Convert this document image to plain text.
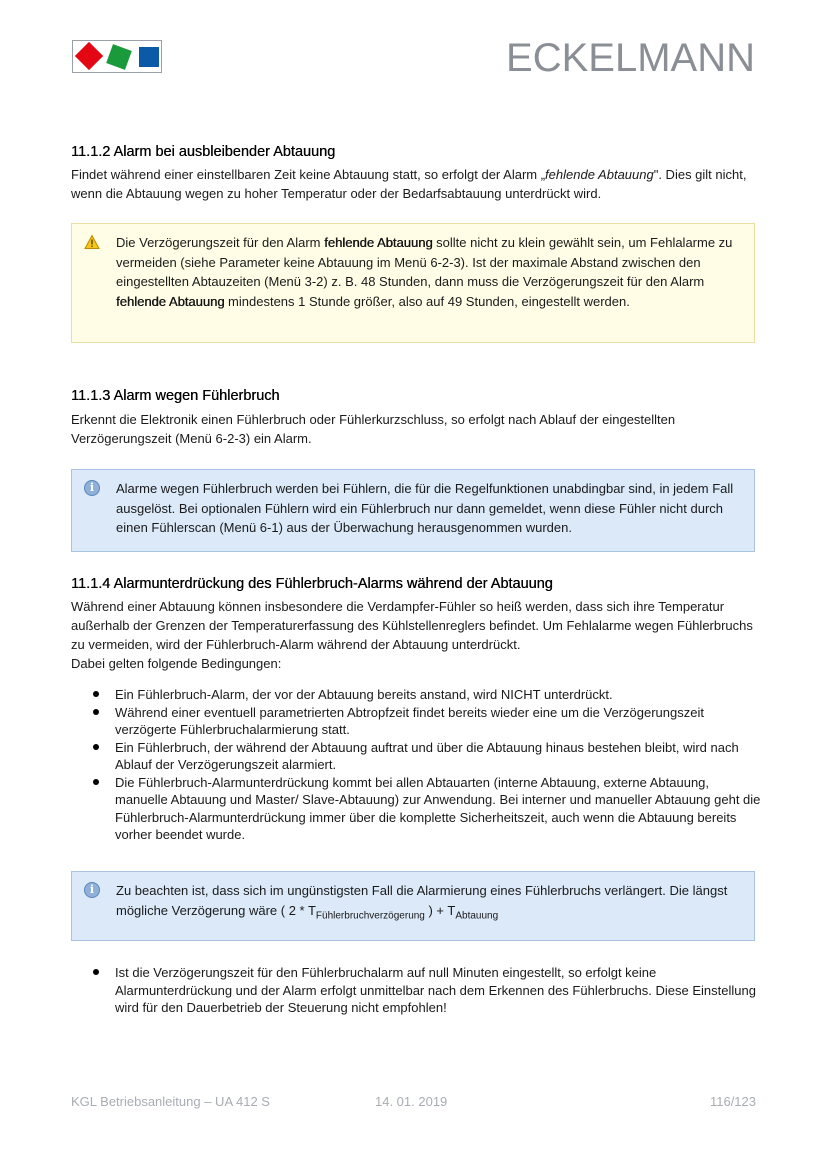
ECKELMANN
11.1.2 Alarm bei ausbleibender Abtauung

Findet während einer einstellbaren Zeit keine Abtauung statt, so erfolgt der Alarm „fehlende Abtauung". Dies gilt nicht, wenn die Abtauung wegen zu hoher Temperatur oder der Bedarfsabtauung unterdrückt wird.

Die Verzögerungszeit für den Alarm fehlende Abtauung sollte nicht zu klein gewählt sein, um Fehlalarme zu vermeiden (siehe Parameter keine Abtauung im Menü 6-2-3). Ist der maximale Abstand zwischen den eingestellten Abtauzeiten (Menü 3-2) z. B. 48 Stunden, dann muss die Verzögerungszeit für den Alarm fehlende Abtauung mindestens 1 Stunde größer, also auf 49 Stunden, eingestellt werden.
11.1.3 Alarm wegen Fühlerbruch

Erkennt die Elektronik einen Fühlerbruch oder Fühlerkurzschluss, so erfolgt nach Ablauf der eingestellten Verzögerungszeit (Menü 6-2-3) ein Alarm.

i	Alarme wegen Fühlerbruch werden bei Fühlern, die für die Regelfunktionen unabdingbar sind, in jedem Fall ausgelöst. Bei optionalen Fühlern wird ein Fühlerbruch nur dann gemeldet, wenn diese Fühler nicht durch einen Fühlerscan (Menü 6-1) aus der Überwachung herausgenommen wurden.
11.1.4 Alarmunterdrückung des Fühlerbruch-Alarms während der Abtauung

Während einer Abtauung können insbesondere die Verdampfer-Fühler so heiß werden, dass sich ihre Temperatur außerhalb der Grenzen der Temperaturerfassung des Kühlstellenreglers befindet. Um Fehlalarme wegen Fühlerbruchs zu vermeiden, wird der Fühlerbruch-Alarm während der Abtauung unterdrückt.
Dabei gelten folgende Bedingungen:

Ein Fühlerbruch-Alarm, der vor der Abtauung bereits anstand, wird NICHT unterdrückt.
Während einer eventuell parametrierten Abtropfzeit findet bereits wieder eine um die Verzögerungszeit verzögerte Fühlerbruchalarmierung statt.
Ein Fühlerbruch, der während der Abtauung auftrat und über die Abtauung hinaus bestehen bleibt, wird nach Ablauf der Verzögerungszeit alarmiert.
Die Fühlerbruch-Alarmunterdrückung kommt bei allen Abtauarten (interne Abtauung, externe Abtauung, manuelle Abtauung und Master/ Slave-Abtauung) zur Anwendung. Bei interner und manueller Abtauung geht die Fühlerbruch-Alarmunterdrückung immer über die komplette Sicherheitszeit, auch wenn die Abtauung bereits vorher beendet wurde.
i	Zu beachten ist, dass sich im ungünstigsten Fall die Alarmierung eines Fühlerbruchs verlängert. Die längst mögliche Verzögerung wäre ( $2 * T_{Fühlerbruchverzögerung}$ ) + $T_{Abtauung}$
Ist die Verzögerungszeit für den Fühlerbruchalarm auf null Minuten eingestellt, so erfolgt keine Alarmunterdrückung und der Alarm erfolgt unmittelbar nach dem Erkennen des Fühlerbruchs. Diese Einstellung wird für den Dauerbetrieb der Steuerung nicht empfohlen!
KGL Betriebsanleitung – UA 412 S	14. 01. 2019	116/123
